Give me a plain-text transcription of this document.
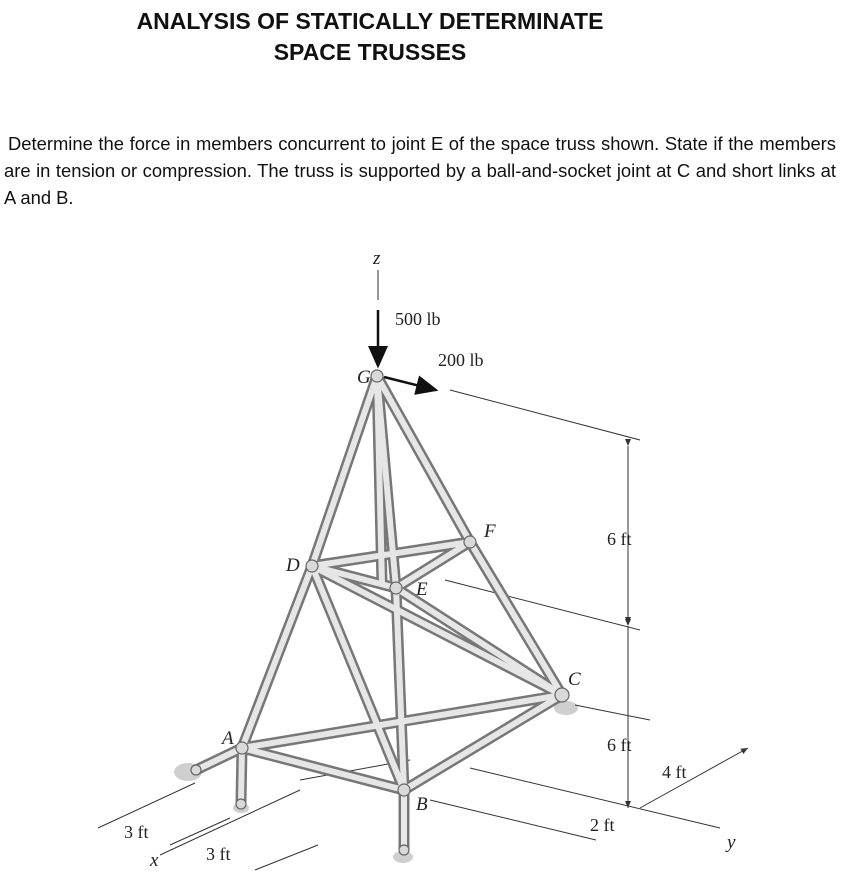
ANALYSIS OF STATICALLY DETERMINATE
SPACE TRUSSES

Determine the force in members concurrent to joint E of the space truss shown. State if the members are in tension or compression. The truss is supported by a ball-and-socket joint at C and short links at A and B.

z
x
y
500 lb
200 lb
G
D
E
F
A
B
C
6 ft
6 ft
4 ft
2 ft
3 ft
3 ft
